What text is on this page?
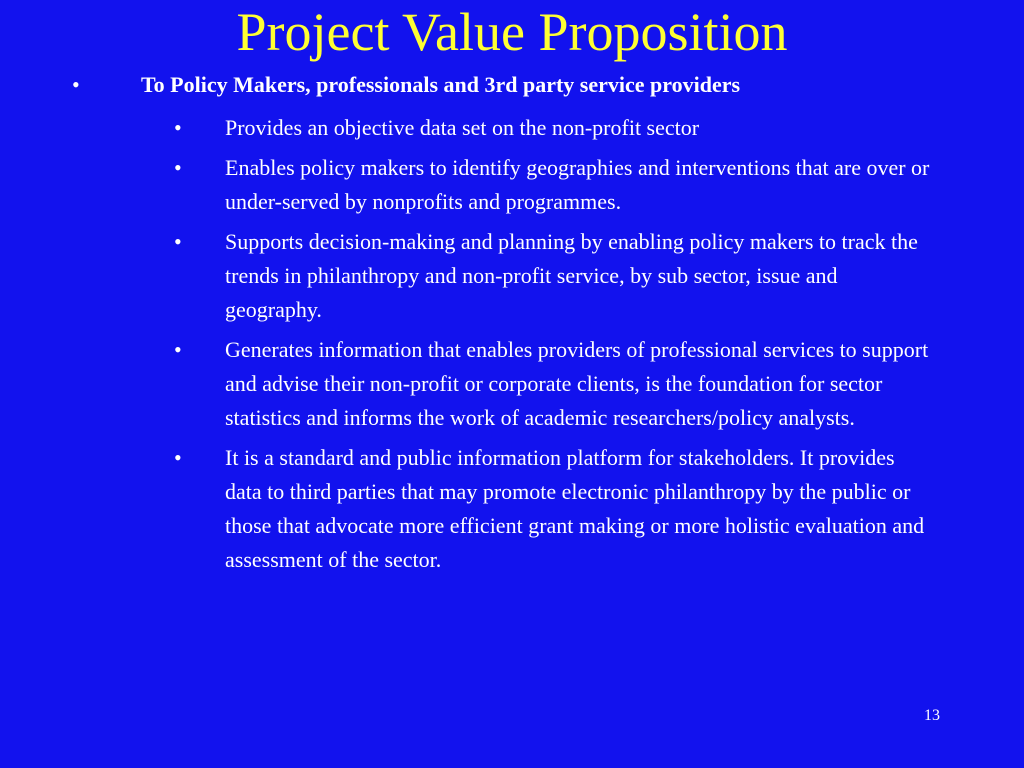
Project Value Proposition
•	To Policy Makers, professionals and 3rd party service providers
• Provides an objective data set on the non-profit sector
• Enables policy makers to identify geographies and interventions that are over or under-served by nonprofits and programmes.
• Supports decision-making and planning by enabling policy makers to track the trends in philanthropy and non-profit service, by sub sector, issue and geography.
• Generates information that enables providers of professional services to support and advise their non-profit or corporate clients, is the foundation for sector statistics and informs the work of academic researchers/policy analysts.
• It is a standard and public information platform for stakeholders. It provides data to third parties that may promote electronic philanthropy by the public or those that advocate more efficient grant making or more holistic evaluation and assessment of the sector.
13
